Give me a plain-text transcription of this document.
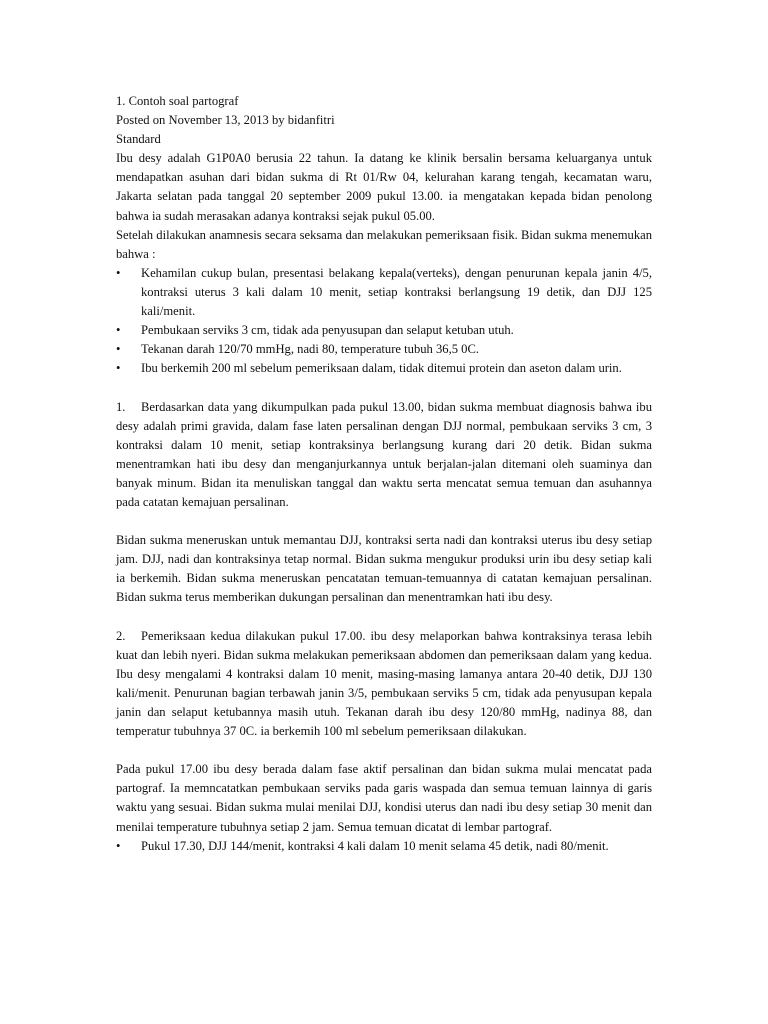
1. Contoh soal partograf
Posted on November 13, 2013 by bidanfitri
Standard

Ibu desy adalah G1P0A0 berusia 22 tahun. Ia datang ke klinik bersalin bersama keluarganya untuk mendapatkan asuhan dari bidan sukma di Rt 01/Rw 04, kelurahan karang tengah, kecamatan waru, Jakarta selatan pada tanggal 20 september 2009 pukul 13.00. ia mengatakan kepada bidan penolong bahwa ia sudah merasakan adanya kontraksi sejak pukul 05.00.

Setelah dilakukan anamnesis secara seksama dan melakukan pemeriksaan fisik. Bidan sukma menemukan bahwa :

•	Kehamilan cukup bulan, presentasi belakang kepala(verteks), dengan penurunan kepala janin 4/5, kontraksi uterus 3 kali dalam 10 menit, setiap kontraksi berlangsung 19 detik, dan DJJ 125 kali/menit.
•	Pembukaan serviks 3 cm, tidak ada penyusupan dan selaput ketuban utuh.
•	Tekanan darah 120/70 mmHg, nadi 80, temperature tubuh 36,5 0C.
•	Ibu berkemih 200 ml sebelum pemeriksaan dalam, tidak ditemui protein dan aseton dalam urin.

1. Berdasarkan data yang dikumpulkan pada pukul 13.00, bidan sukma membuat diagnosis bahwa ibu desy adalah primi gravida, dalam fase laten persalinan dengan DJJ normal, pembukaan serviks 3 cm, 3 kontraksi dalam 10 menit, setiap kontraksinya berlangsung kurang dari 20 detik. Bidan sukma menentramkan hati ibu desy dan menganjurkannya untuk berjalan-jalan ditemani oleh suaminya dan banyak minum. Bidan ita menuliskan tanggal dan waktu serta mencatat semua temuan dan asuhannya pada catatan kemajuan persalinan.

Bidan sukma meneruskan untuk memantau DJJ, kontraksi serta nadi dan kontraksi uterus ibu desy setiap jam. DJJ, nadi dan kontraksinya tetap normal. Bidan sukma mengukur produksi urin ibu desy setiap kali ia berkemih. Bidan sukma meneruskan pencatatan temuan-temuannya di catatan kemajuan persalinan. Bidan sukma terus memberikan dukungan persalinan dan menentramkan hati ibu desy.

2. Pemeriksaan kedua dilakukan pukul 17.00. ibu desy melaporkan bahwa kontraksinya terasa lebih kuat dan lebih nyeri. Bidan sukma melakukan pemeriksaan abdomen dan pemeriksaan dalam yang kedua. Ibu desy mengalami 4 kontraksi dalam 10 menit, masing-masing lamanya antara 20-40 detik, DJJ 130 kali/menit. Penurunan bagian terbawah janin 3/5, pembukaan serviks 5 cm, tidak ada penyusupan kepala janin dan selaput ketubannya masih utuh. Tekanan darah ibu desy 120/80 mmHg, nadinya 88, dan temperatur tubuhnya 37 0C. ia berkemih 100 ml sebelum pemeriksaan dilakukan.

Pada pukul 17.00 ibu desy berada dalam fase aktif persalinan dan bidan sukma mulai mencatat pada partograf. Ia memncatatkan pembukaan serviks pada garis waspada dan semua temuan lainnya di garis waktu yang sesuai. Bidan sukma mulai menilai DJJ, kondisi uterus dan nadi ibu desy setiap 30 menit dan menilai temperature tubuhnya setiap 2 jam. Semua temuan dicatat di lembar partograf.

•	Pukul 17.30, DJJ 144/menit, kontraksi 4 kali dalam 10 menit selama 45 detik, nadi 80/menit.
